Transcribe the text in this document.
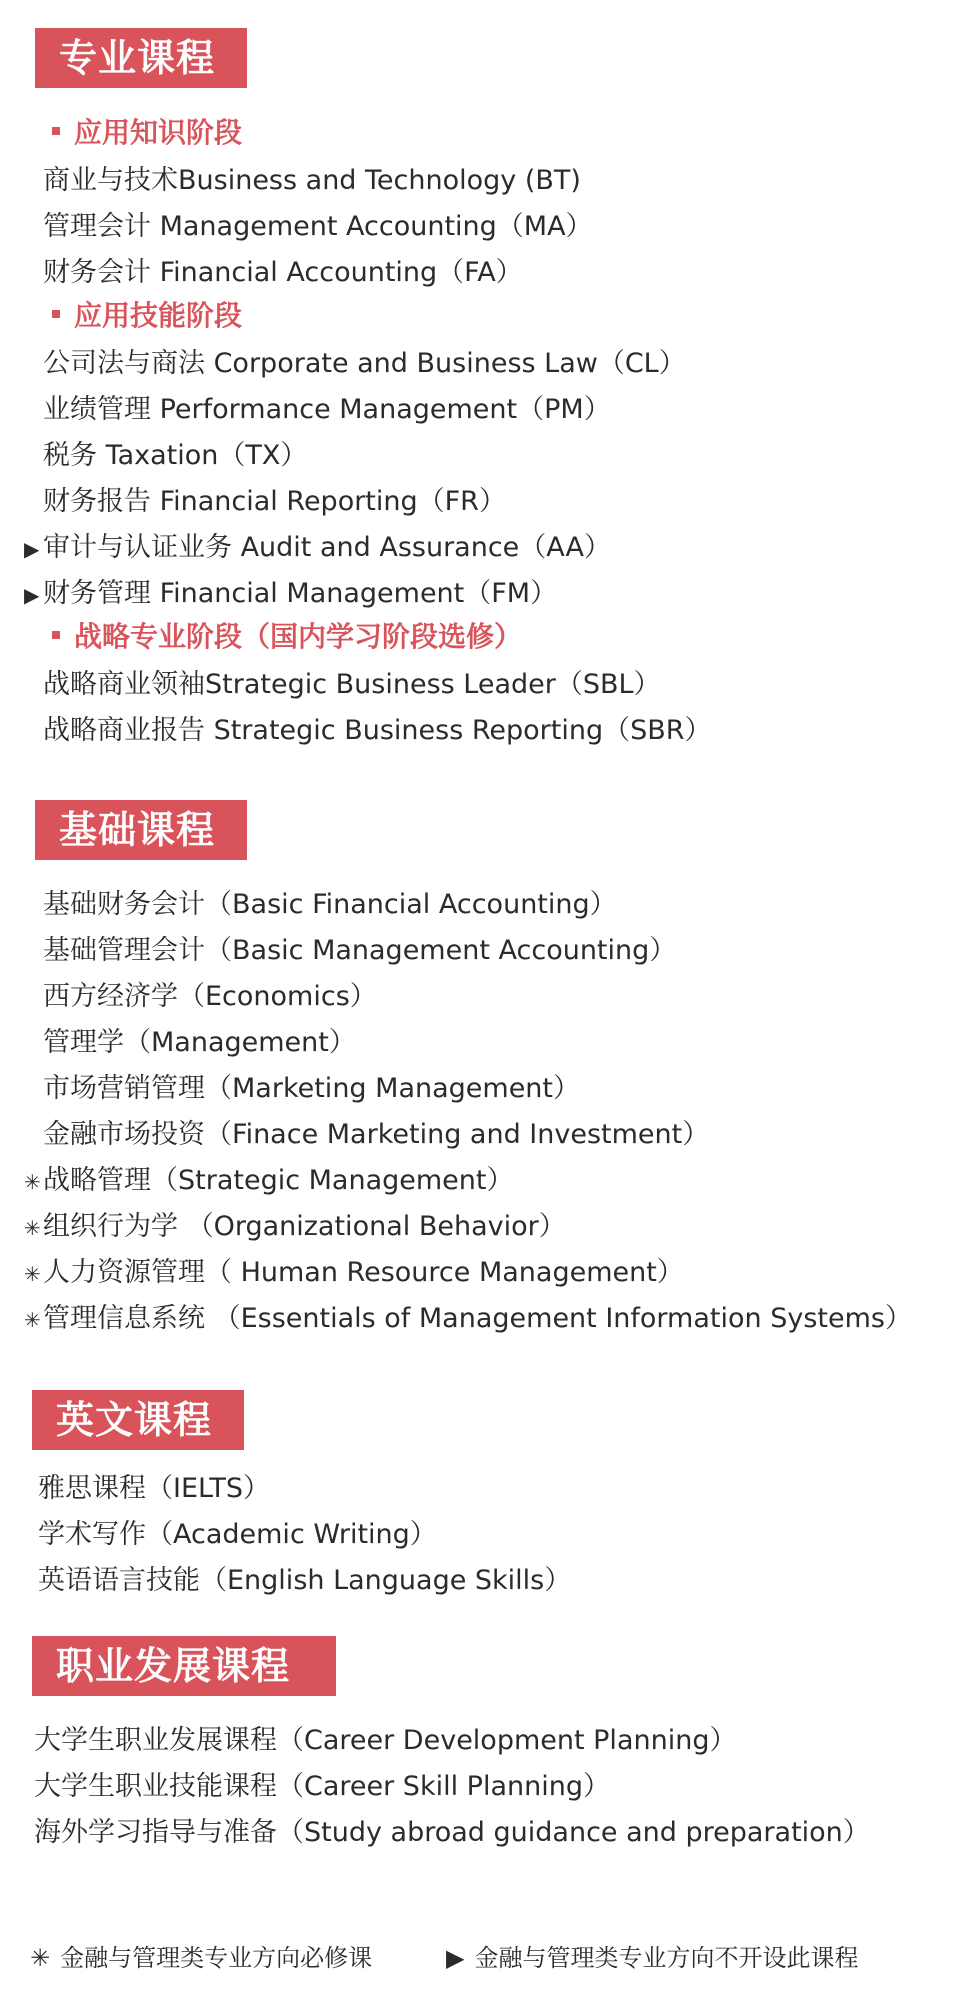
专业课程
应用知识阶段
商业与技术Business and Technology (BT)
管理会计 Management Accounting（MA）
财务会计 Financial Accounting（FA）
应用技能阶段
公司法与商法 Corporate and Business Law（CL）
业绩管理 Performance Management（PM）
税务 Taxation（TX）
财务报告 Financial Reporting（FR）
▶ 审计与认证业务 Audit and Assurance（AA）
▶ 财务管理 Financial Management（FM）
战略专业阶段（国内学习阶段选修）
战略商业领袖Strategic Business Leader（SBL）
战略商业报告 Strategic Business Reporting（SBR）
基础课程
基础财务会计（Basic Financial Accounting）
基础管理会计（Basic Management Accounting）
西方经济学（Economics）
管理学（Management）
市场营销管理（Marketing Management）
金融市场投资（Finace Marketing and Investment）
✳ 战略管理（Strategic Management）
✳ 组织行为学 （Organizational Behavior）
✳ 人力资源管理（ Human Resource Management）
✳ 管理信息系统 （Essentials of Management Information Systems）
英文课程
雅思课程（IELTS）
学术写作（Academic Writing）
英语语言技能（English Language Skills）
职业发展课程
大学生职业发展课程（Career Development Planning）
大学生职业技能课程（Career Skill Planning）
海外学习指导与准备（Study abroad guidance and preparation）
✳ 金融与管理类专业方向必修课	▶ 金融与管理类专业方向不开设此课程
